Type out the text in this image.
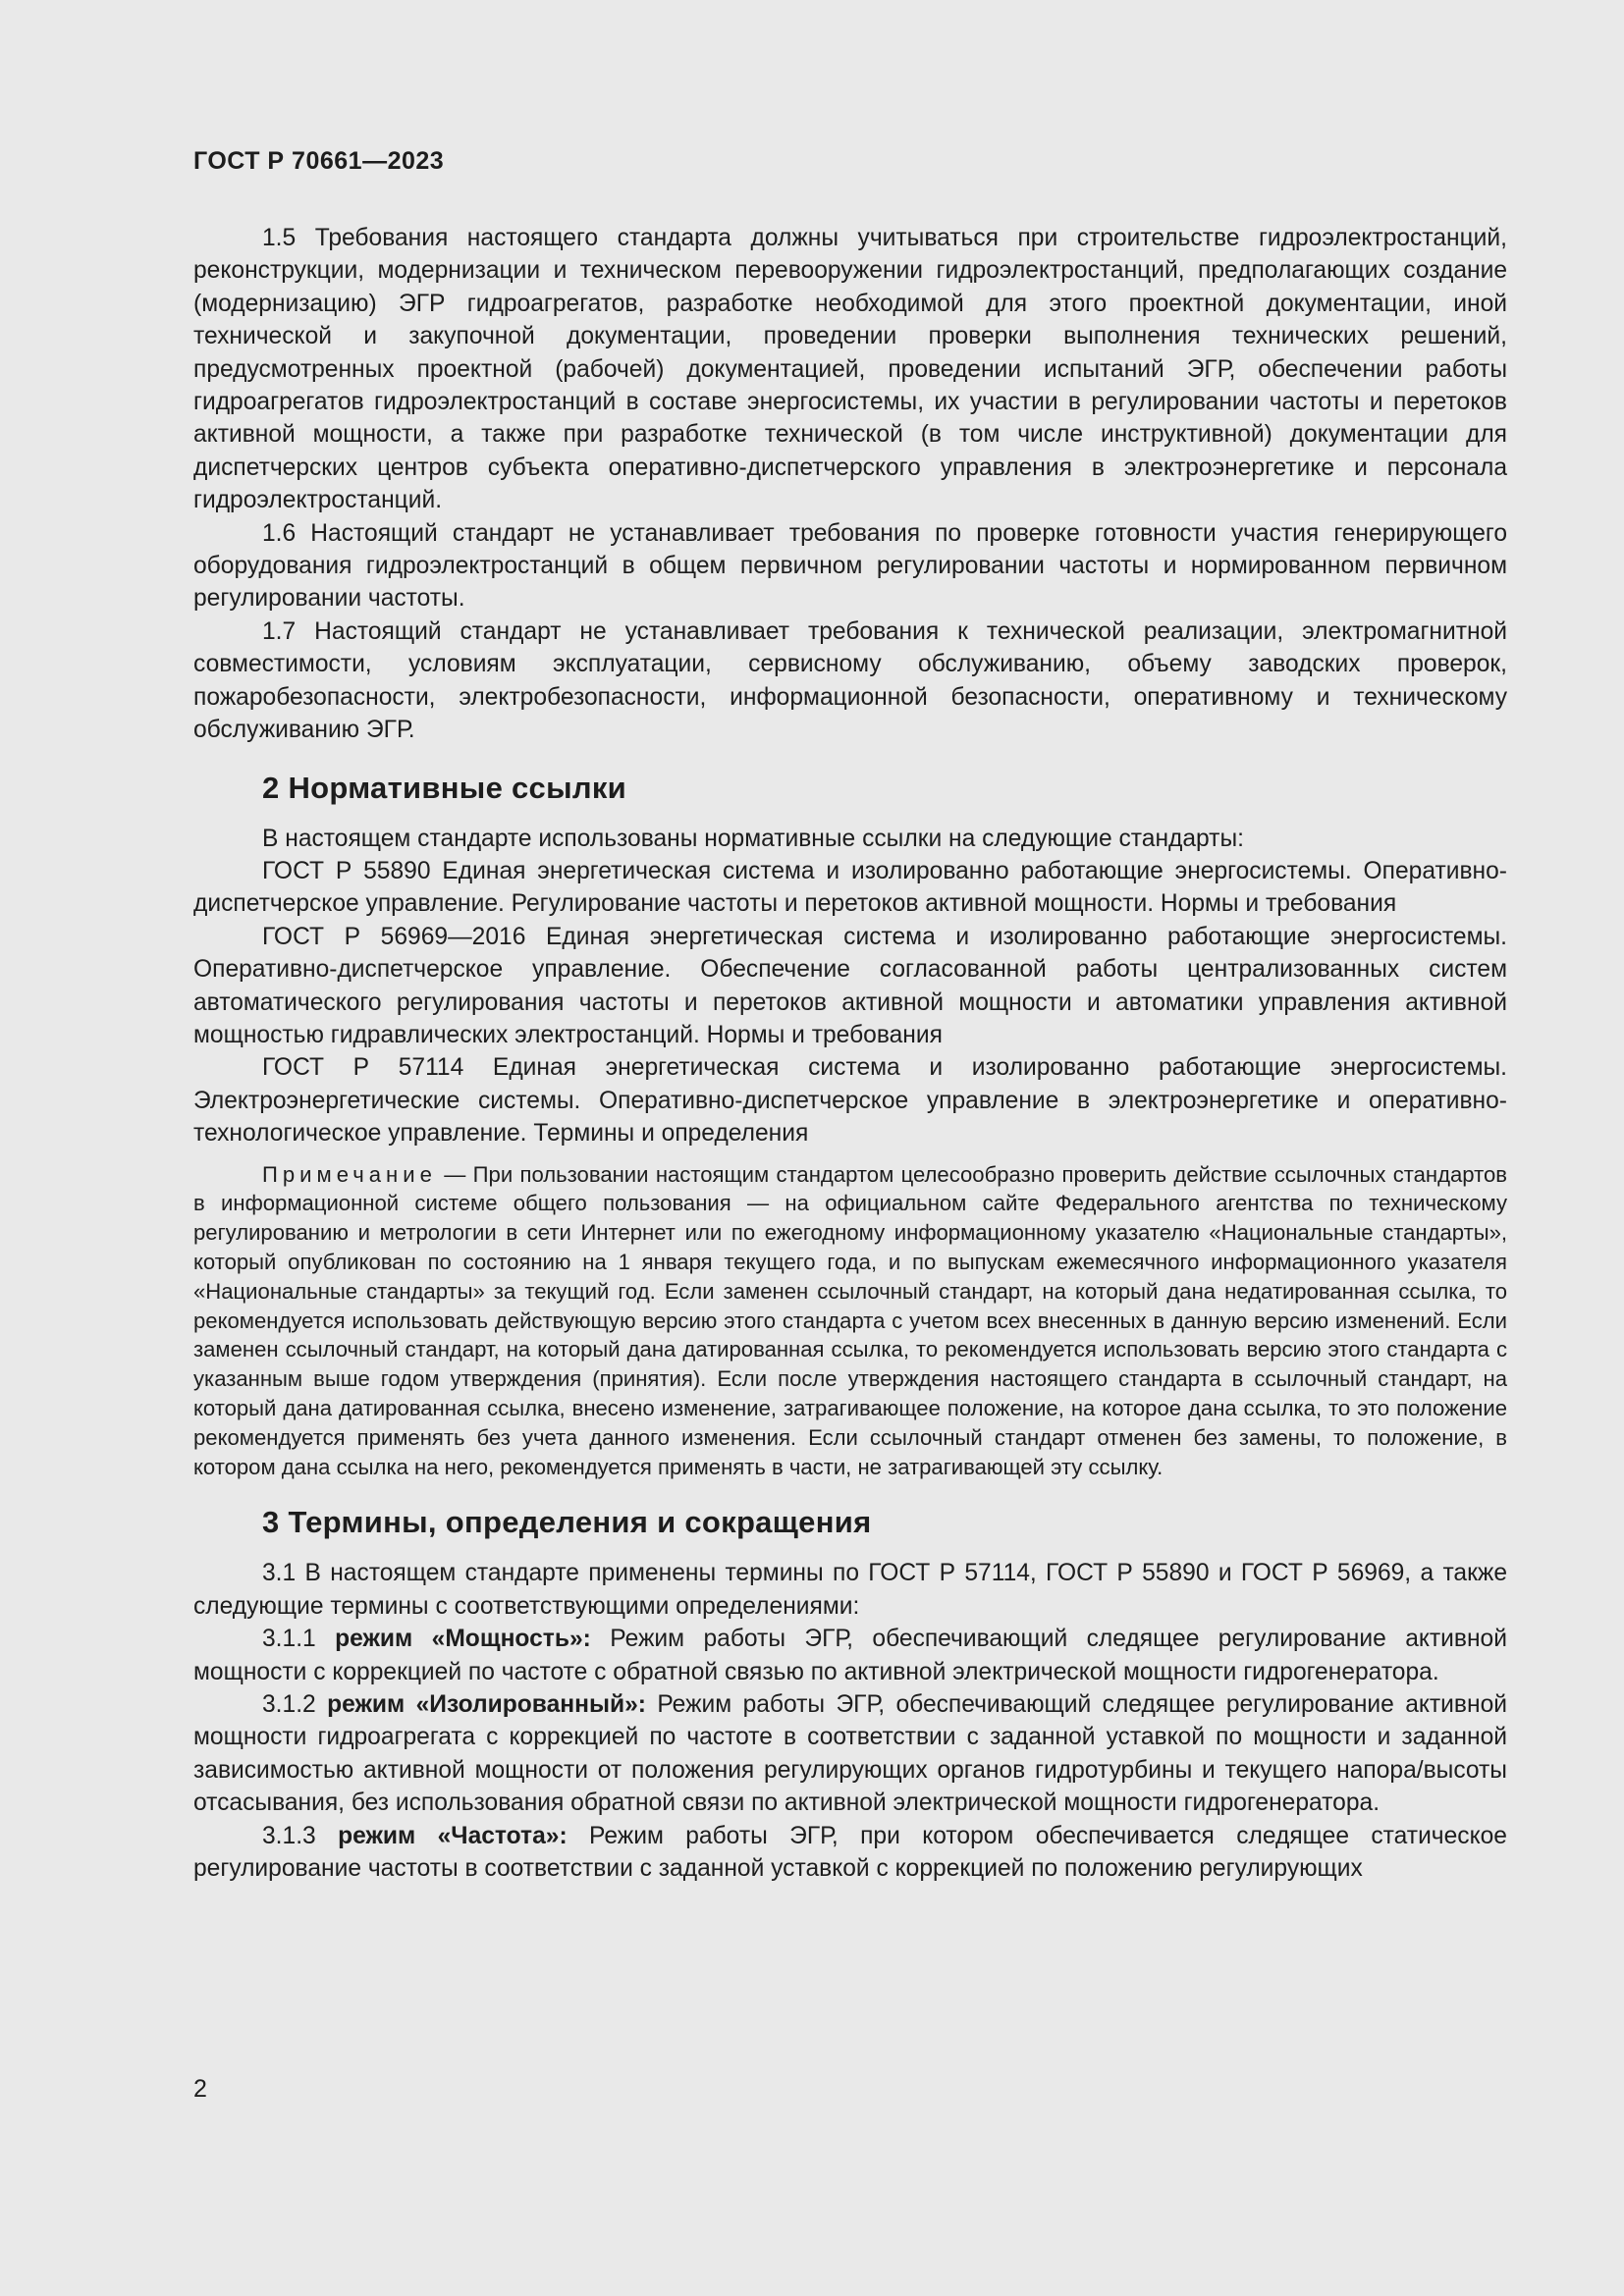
ГОСТ Р 70661—2023

1.5 Требования настоящего стандарта должны учитываться при строительстве гидроэлектростанций, реконструкции, модернизации и техническом перевооружении гидроэлектростанций, предполагающих создание (модернизацию) ЭГР гидроагрегатов, разработке необходимой для этого проектной документации, иной технической и закупочной документации, проведении проверки выполнения технических решений, предусмотренных проектной (рабочей) документацией, проведении испытаний ЭГР, обеспечении работы гидроагрегатов гидроэлектростанций в составе энергосистемы, их участии в регулировании частоты и перетоков активной мощности, а также при разработке технической (в том числе инструктивной) документации для диспетчерских центров субъекта оперативно-диспетчерского управления в электроэнергетике и персонала гидроэлектростанций.

1.6 Настоящий стандарт не устанавливает требования по проверке готовности участия генерирующего оборудования гидроэлектростанций в общем первичном регулировании частоты и нормированном первичном регулировании частоты.

1.7 Настоящий стандарт не устанавливает требования к технической реализации, электромагнитной совместимости, условиям эксплуатации, сервисному обслуживанию, объему заводских проверок, пожаробезопасности, электробезопасности, информационной безопасности, оперативному и техническому обслуживанию ЭГР.

2 Нормативные ссылки

В настоящем стандарте использованы нормативные ссылки на следующие стандарты:

ГОСТ Р 55890 Единая энергетическая система и изолированно работающие энергосистемы. Оперативно-диспетчерское управление. Регулирование частоты и перетоков активной мощности. Нормы и требования

ГОСТ Р 56969—2016 Единая энергетическая система и изолированно работающие энергосистемы. Оперативно-диспетчерское управление. Обеспечение согласованной работы централизованных систем автоматического регулирования частоты и перетоков активной мощности и автоматики управления активной мощностью гидравлических электростанций. Нормы и требования

ГОСТ Р 57114 Единая энергетическая система и изолированно работающие энергосистемы. Электроэнергетические системы. Оперативно-диспетчерское управление в электроэнергетике и оперативно-технологическое управление. Термины и определения

Примечание — При пользовании настоящим стандартом целесообразно проверить действие ссылочных стандартов в информационной системе общего пользования — на официальном сайте Федерального агентства по техническому регулированию и метрологии в сети Интернет или по ежегодному информационному указателю «Национальные стандарты», который опубликован по состоянию на 1 января текущего года, и по выпускам ежемесячного информационного указателя «Национальные стандарты» за текущий год. Если заменен ссылочный стандарт, на который дана недатированная ссылка, то рекомендуется использовать действующую версию этого стандарта с учетом всех внесенных в данную версию изменений. Если заменен ссылочный стандарт, на который дана датированная ссылка, то рекомендуется использовать версию этого стандарта с указанным выше годом утверждения (принятия). Если после утверждения настоящего стандарта в ссылочный стандарт, на который дана датированная ссылка, внесено изменение, затрагивающее положение, на которое дана ссылка, то это положение рекомендуется применять без учета данного изменения. Если ссылочный стандарт отменен без замены, то положение, в котором дана ссылка на него, рекомендуется применять в части, не затрагивающей эту ссылку.

3 Термины, определения и сокращения

3.1 В настоящем стандарте применены термины по ГОСТ Р 57114, ГОСТ Р 55890 и ГОСТ Р 56969, а также следующие термины с соответствующими определениями:

3.1.1 режим «Мощность»: Режим работы ЭГР, обеспечивающий следящее регулирование активной мощности с коррекцией по частоте с обратной связью по активной электрической мощности гидрогенератора.

3.1.2 режим «Изолированный»: Режим работы ЭГР, обеспечивающий следящее регулирование активной мощности гидроагрегата с коррекцией по частоте в соответствии с заданной уставкой по мощности и заданной зависимостью активной мощности от положения регулирующих органов гидротурбины и текущего напора/высоты отсасывания, без использования обратной связи по активной электрической мощности гидрогенератора.

3.1.3 режим «Частота»: Режим работы ЭГР, при котором обеспечивается следящее статическое регулирование частоты в соответствии с заданной уставкой с коррекцией по положению регулирующих

2
